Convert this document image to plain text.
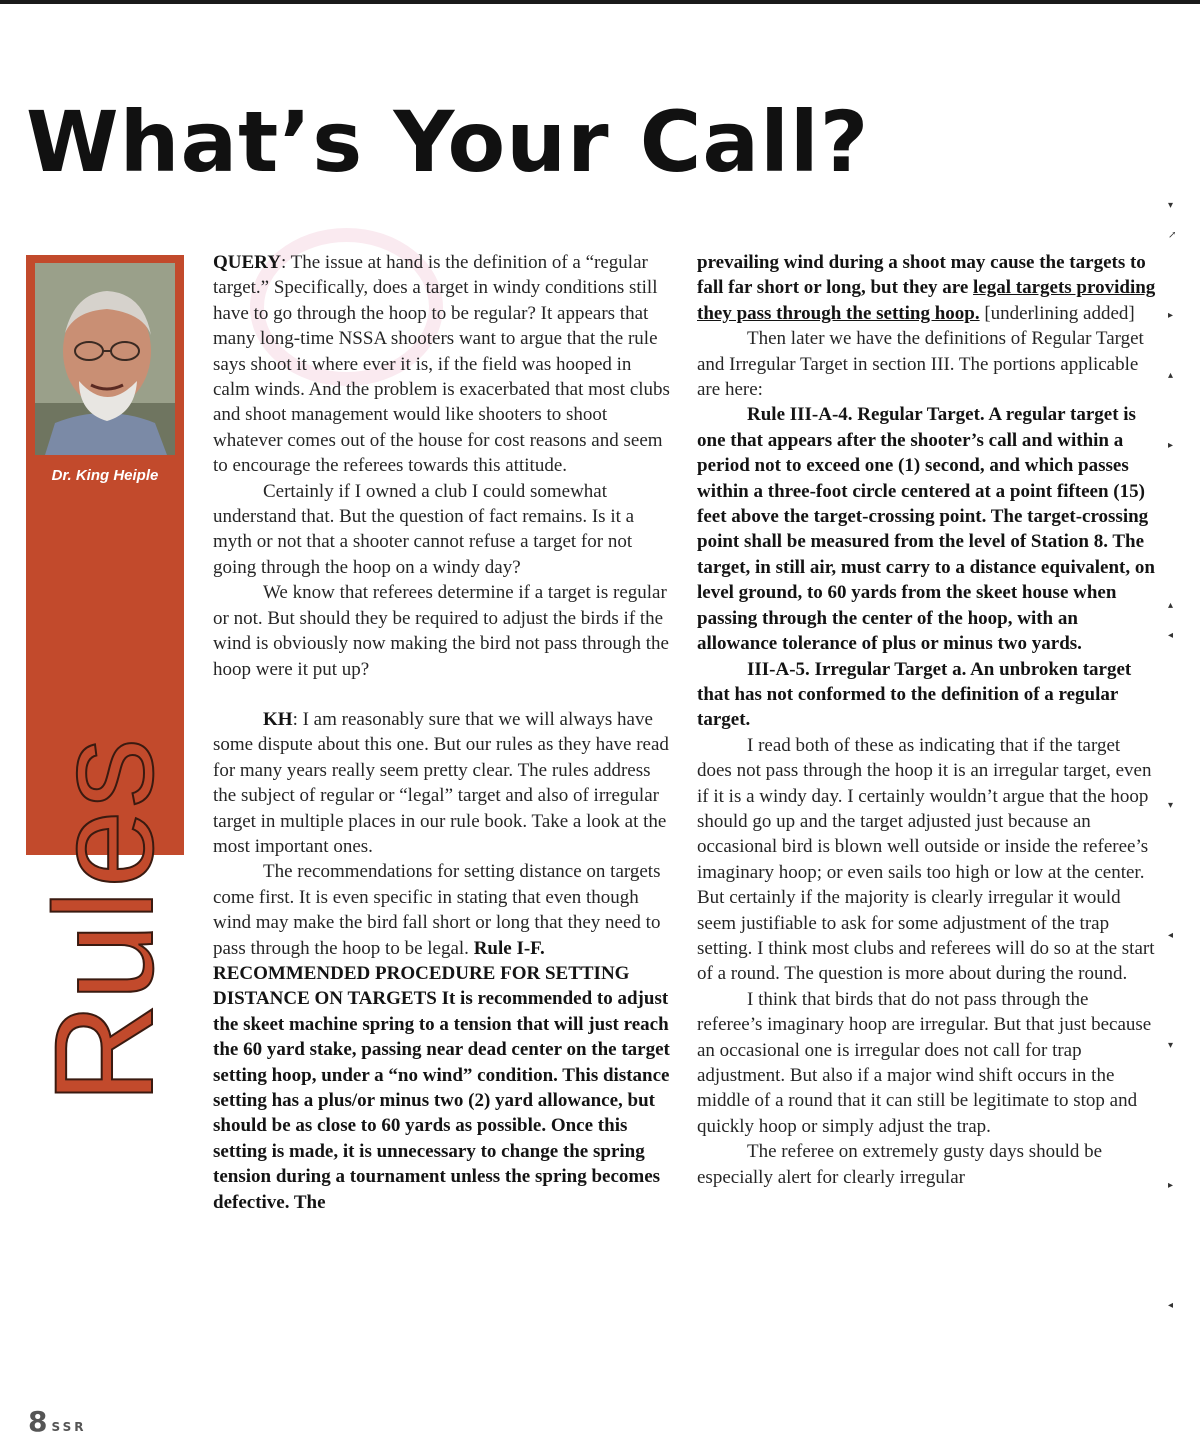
What’s Your Call?
Dr. King Heiple
Rules

QUERY: The issue at hand is the definition of a “regular target.” Specifically, does a target in windy conditions still have to go through the hoop to be regular? It appears that many long-time NSSA shooters want to argue that the rule says shoot it where ever it is, if the field was hooped in calm winds. And the problem is exacerbated that most clubs and shoot management would like shooters to shoot whatever comes out of the house for cost reasons and seem to encourage the referees towards this attitude.

Certainly if I owned a club I could somewhat understand that. But the question of fact remains. Is it a myth or not that a shooter cannot refuse a target for not going through the hoop on a windy day?

We know that referees determine if a target is regular or not. But should they be required to adjust the birds if the wind is obviously now making the bird not pass through the hoop were it put up?

KH: I am reasonably sure that we will always have some dispute about this one. But our rules as they have read for many years really seem pretty clear. The rules address the subject of regular or “legal” target and also of irregular target in multiple places in our rule book. Take a look at the most important ones.

The recommendations for setting distance on targets come first. It is even specific in stating that even though wind may make the bird fall short or long that they need to pass through the hoop to be legal. Rule I-F. RECOMMENDED PROCEDURE FOR SETTING DISTANCE ON TARGETS It is recommended to adjust the skeet machine spring to a tension that will just reach the 60 yard stake, passing near dead center on the target setting hoop, under a “no wind” condition. This distance setting has a plus/or minus two (2) yard allowance, but should be as close to 60 yards as possible. Once this setting is made, it is unnecessary to change the spring tension during a tournament unless the spring becomes defective. The

prevailing wind during a shoot may cause the targets to fall far short or long, but they are legal targets providing they pass through the setting hoop. [underlining added]

Then later we have the definitions of Regular Target and Irregular Target in section III. The portions applicable are here:

Rule III-A-4. Regular Target. A regular target is one that appears after the shooter’s call and within a period not to exceed one (1) second, and which passes within a three-foot circle centered at a point fifteen (15) feet above the target-crossing point. The target-crossing point shall be measured from the level of Station 8. The target, in still air, must carry to a distance equivalent, on level ground, to 60 yards from the skeet house when passing through the center of the hoop, with an allowance tolerance of plus or minus two yards.

III-A-5. Irregular Target a. An unbroken target that has not conformed to the definition of a regular target.

I read both of these as indicating that if the target does not pass through the hoop it is an irregular target, even if it is a windy day. I certainly wouldn’t argue that the hoop should go up and the target adjusted just because an occasional bird is blown well outside or inside the referee’s imaginary hoop; or even sails too high or low at the center. But certainly if the majority is clearly irregular it would seem justifiable to ask for some adjustment of the trap setting. I think most clubs and referees will do so at the start of a round. The question is more about during the round.

I think that birds that do not pass through the referee’s imaginary hoop are irregular. But that just because an occasional one is irregular does not call for trap adjustment. But also if a major wind shift occurs in the middle of a round that it can still be legitimate to stop and quickly hoop or simply adjust the trap.

The referee on extremely gusty days should be especially alert for clearly irregular

▾
↗
▸
▴
▸
▴
◂
▾
◂
▾
▸
◂
8 SSR
